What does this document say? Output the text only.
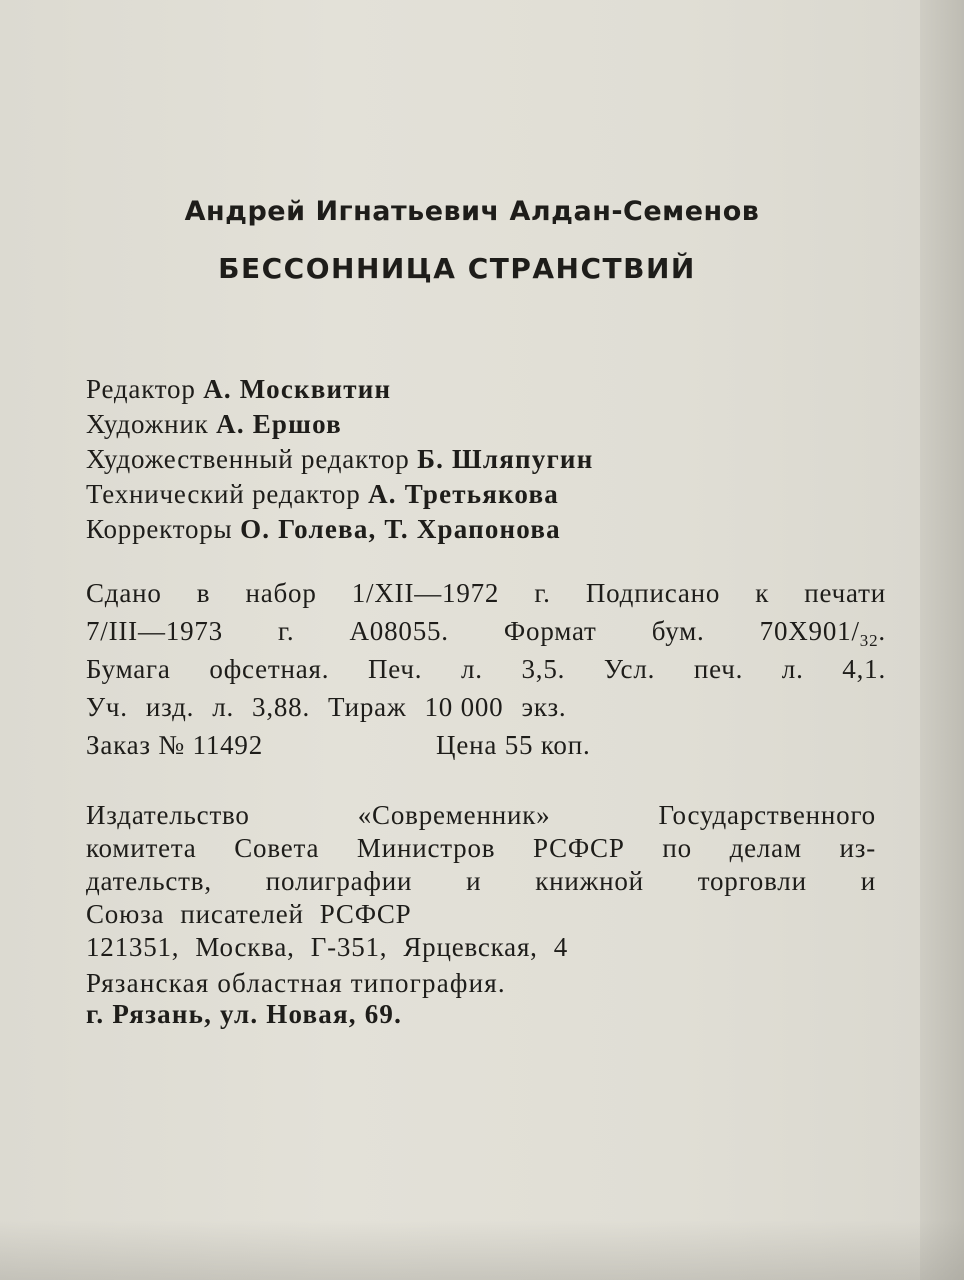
Андрей Игнатьевич Алдан-Семенов
БЕССОННИЦА СТРАНСТВИЙ
Редактор А. Москвитин
Художник А. Ершов
Художественный редактор Б. Шляпугин
Технический редактор А. Третьякова
Корректоры О. Голева, Т. Храпонова
Сдано в набор 1/XII—1972 г. Подписано к печати
7/III—1973 г. А08055. Формат бум. $70X901/_{32}$.
Бумага офсетная. Печ. л. 3,5. Усл. печ. л. 4,1.
Уч. изд. л. 3,88. Тираж 10 000 экз.
Заказ № 11492	Цена 55 коп.
Издательство	«Современник»	Государственного
комитета Совета Министров РСФСР по делам из-
дательств, полиграфии и книжной торговли и
Союза писателей РСФСР
121351, Москва, Г-351, Ярцевская, 4
Рязанская областная типография.
г. Рязань, ул. Новая, 69.
